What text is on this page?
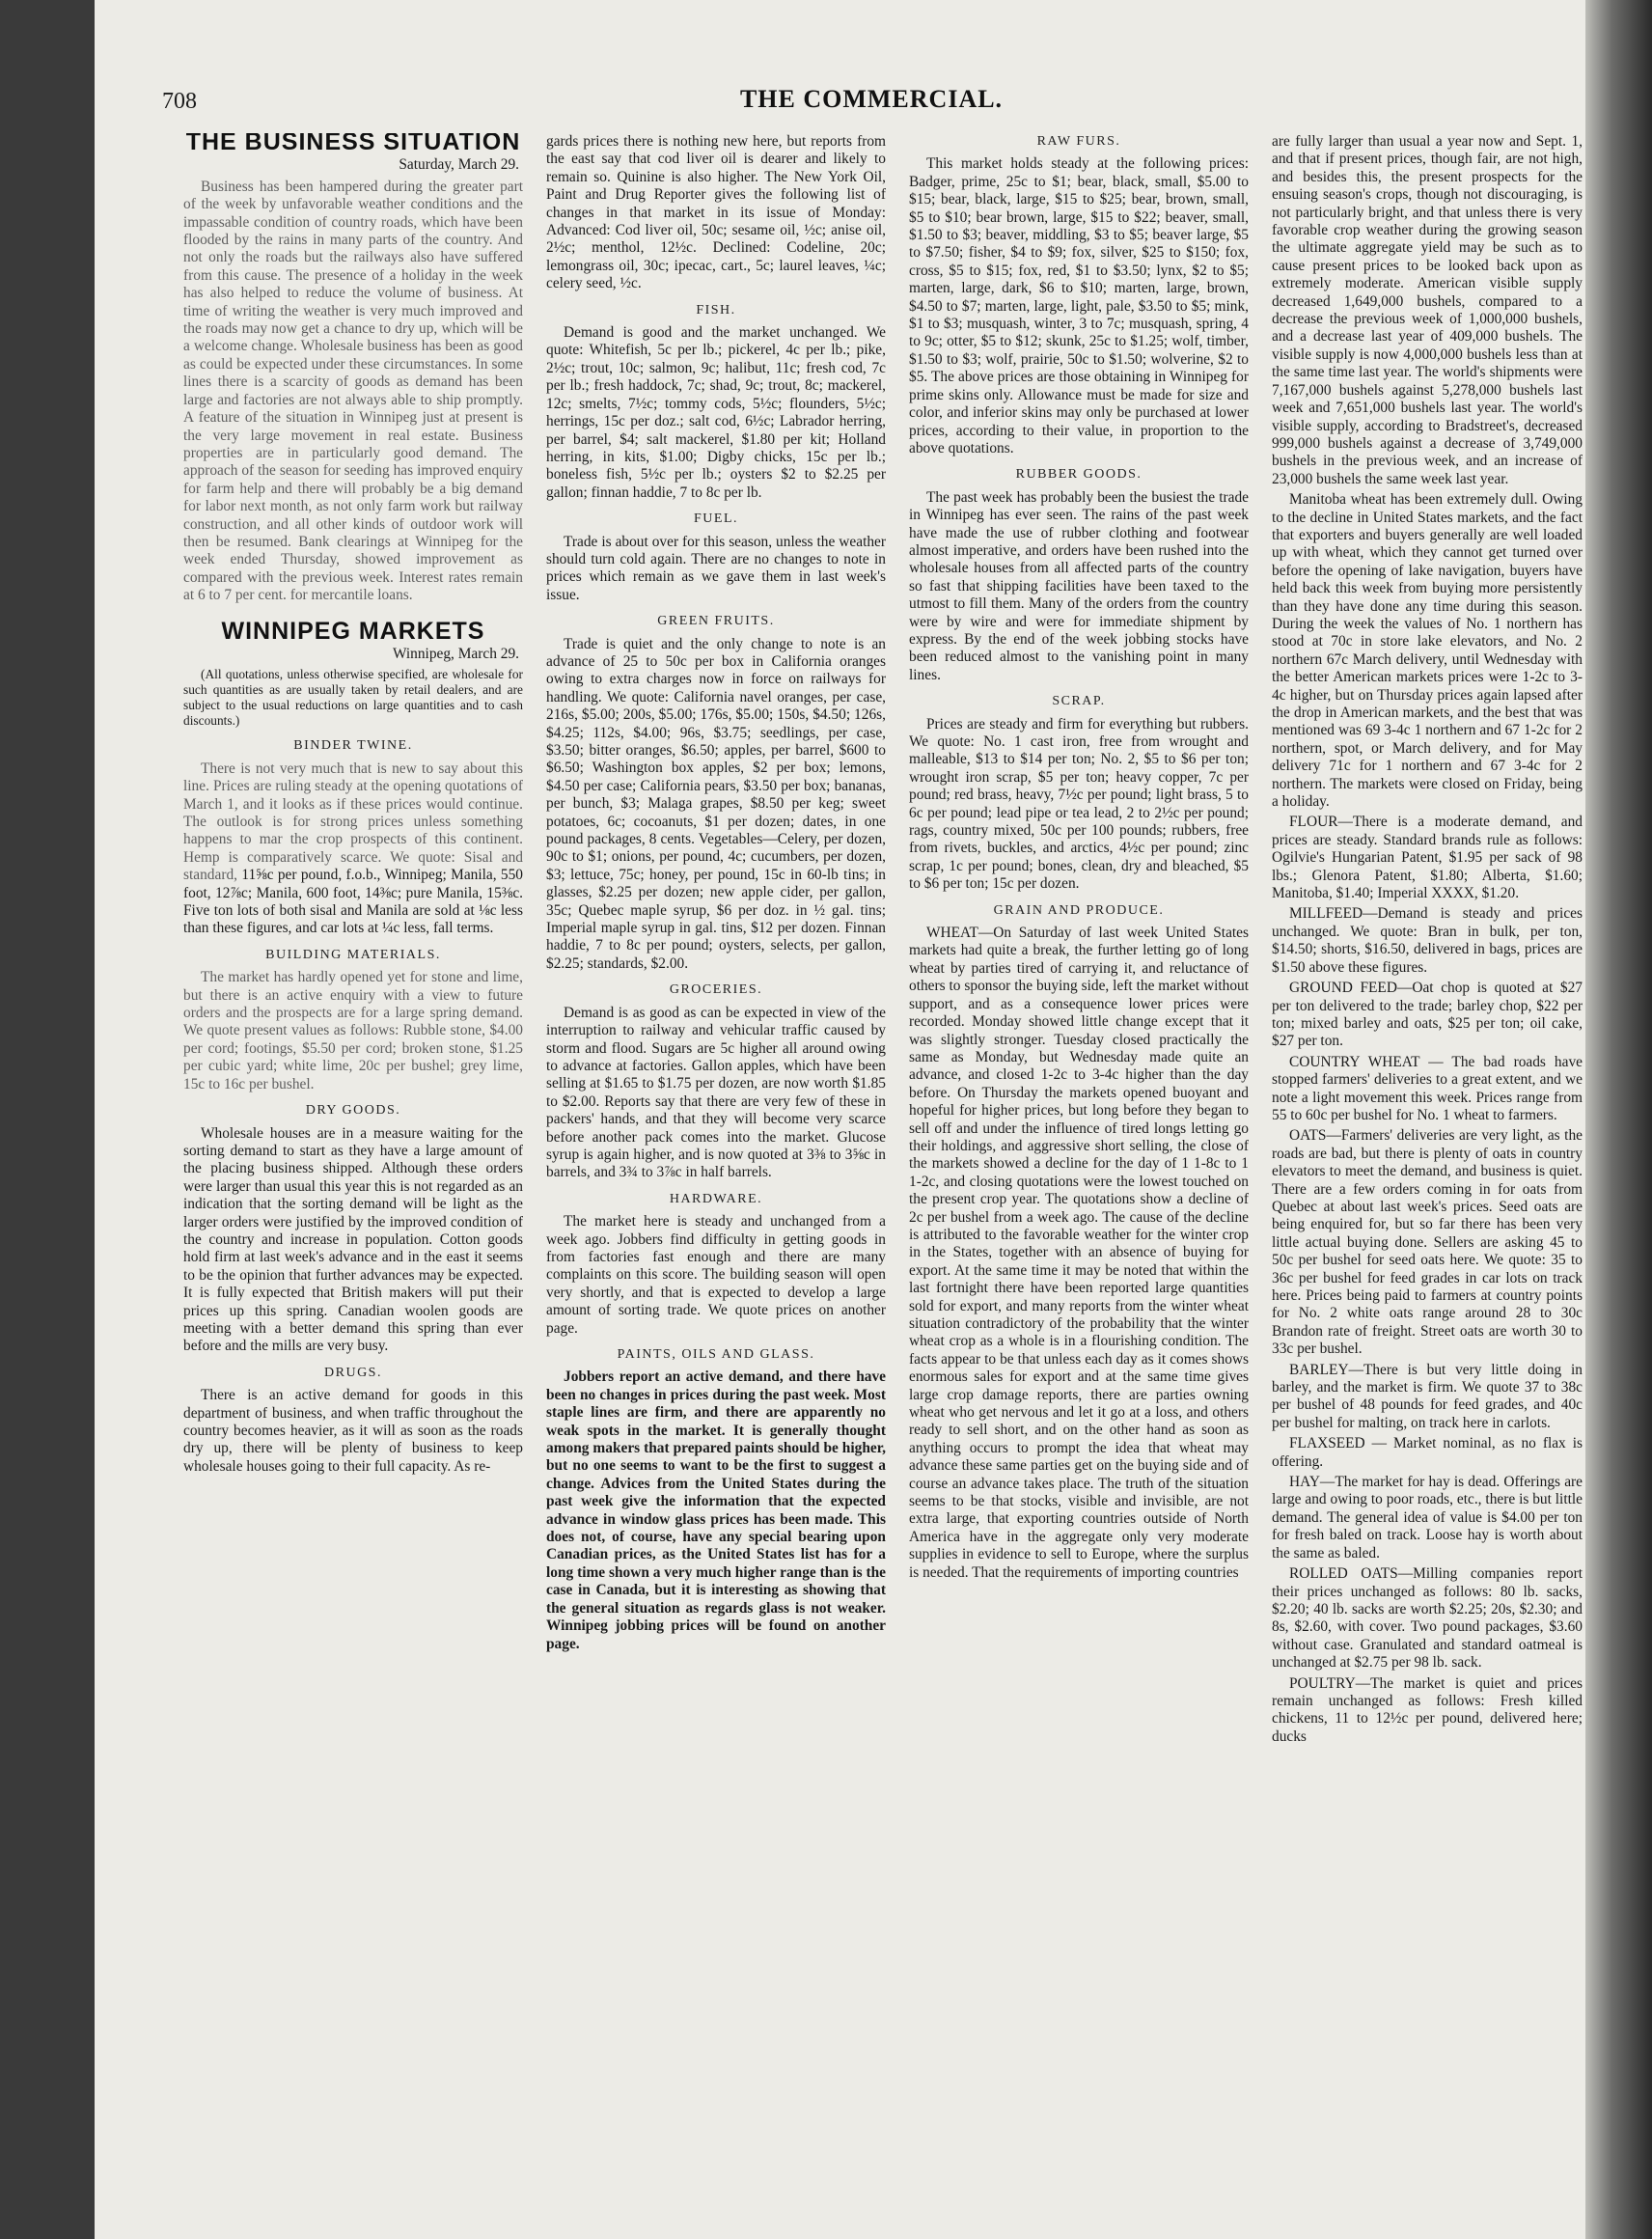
708	THE COMMERCIAL.
THE BUSINESS SITUATION
Saturday, March 29.

Business has been hampered during the greater part of the week by unfavorable weather conditions and the impassable condition of country roads, which have been flooded by the rains in many parts of the country. And not only the roads but the railways also have suffered from this cause. The presence of a holiday in the week has also helped to reduce the volume of business. At time of writing the weather is very much improved and the roads may now get a chance to dry up, which will be a welcome change. Wholesale business has been as good as could be expected under these circumstances. In some lines there is a scarcity of goods as demand has been large and factories are not always able to ship promptly. A feature of the situation in Winnipeg just at present is the very large movement in real estate. Business properties are in particularly good demand. The approach of the season for seeding has improved enquiry for farm help and there will probably be a big demand for labor next month, as not only farm work but railway construction, and all other kinds of outdoor work will then be resumed. Bank clearings at Winnipeg for the week ended Thursday, showed improvement as compared with the previous week. Interest rates remain at 6 to 7 per cent. for mercantile loans.

WINNIPEG MARKETS
Winnipeg, March 29.

(All quotations, unless otherwise specified, are wholesale for such quantities as are usually taken by retail dealers, and are subject to the usual reductions on large quantities and to cash discounts.)

BINDER TWINE.

There is not very much that is new to say about this line. Prices are ruling steady at the opening quotations of March 1, and it looks as if these prices would continue. The outlook is for strong prices unless something happens to mar the crop prospects of this continent. Hemp is comparatively scarce. We quote: Sisal and standard, 11⅝c per pound, f.o.b., Winnipeg; Manila, 550 foot, 12⅞c; Manila, 600 foot, 14⅜c; pure Manila, 15⅜c. Five ton lots of both sisal and Manila are sold at ⅛c less than these figures, and car lots at ¼c less, fall terms.

BUILDING MATERIALS.

The market has hardly opened yet for stone and lime, but there is an active enquiry with a view to future orders and the prospects are for a large spring demand. We quote present values as follows: Rubble stone, $4.00 per cord; footings, $5.50 per cord; broken stone, $1.25 per cubic yard; white lime, 20c per bushel; grey lime, 15c to 16c per bushel.

DRY GOODS.

Wholesale houses are in a measure waiting for the sorting demand to start as they have a large amount of the placing business shipped. Although these orders were larger than usual this year this is not regarded as an indication that the sorting demand will be light as the larger orders were justified by the improved condition of the country and increase in population. Cotton goods hold firm at last week's advance and in the east it seems to be the opinion that further advances may be expected. It is fully expected that British makers will put their prices up this spring. Canadian woolen goods are meeting with a better demand this spring than ever before and the mills are very busy.

DRUGS.

There is an active demand for goods in this department of business, and when traffic throughout the country becomes heavier, as it will as soon as the roads dry up, there will be plenty of business to keep wholesale houses going to their full capacity. As re-

gards prices there is nothing new here, but reports from the east say that cod liver oil is dearer and likely to remain so. Quinine is also higher. The New York Oil, Paint and Drug Reporter gives the following list of changes in that market in its issue of Monday: Advanced: Cod liver oil, 50c; sesame oil, ½c; anise oil, 2½c; menthol, 12½c. Declined: Codeline, 20c; lemongrass oil, 30c; ipecac, cart., 5c; laurel leaves, ¼c; celery seed, ½c.

FISH.

Demand is good and the market unchanged. We quote: Whitefish, 5c per lb.; pickerel, 4c per lb.; pike, 2½c; trout, 10c; salmon, 9c; halibut, 11c; fresh cod, 7c per lb.; fresh haddock, 7c; shad, 9c; trout, 8c; mackerel, 12c; smelts, 7½c; tommy cods, 5½c; flounders, 5½c; herrings, 15c per doz.; salt cod, 6½c; Labrador herring, per barrel, $4; salt mackerel, $1.80 per kit; Holland herring, in kits, $1.00; Digby chicks, 15c per lb.; boneless fish, 5½c per lb.; oysters $2 to $2.25 per gallon; finnan haddie, 7 to 8c per lb.

FUEL.

Trade is about over for this season, unless the weather should turn cold again. There are no changes to note in prices which remain as we gave them in last week's issue.

GREEN FRUITS.

Trade is quiet and the only change to note is an advance of 25 to 50c per box in California oranges owing to extra charges now in force on railways for handling. We quote: California navel oranges, per case, 216s, $5.00; 200s, $5.00; 176s, $5.00; 150s, $4.50; 126s, $4.25; 112s, $4.00; 96s, $3.75; seedlings, per case, $3.50; bitter oranges, $6.50; apples, per barrel, $600 to $6.50; Washington box apples, $2 per box; lemons, $4.50 per case; California pears, $3.50 per box; bananas, per bunch, $3; Malaga grapes, $8.50 per keg; sweet potatoes, 6c; cocoanuts, $1 per dozen; dates, in one pound packages, 8 cents. Vegetables—Celery, per dozen, 90c to $1; onions, per pound, 4c; cucumbers, per dozen, $3; lettuce, 75c; honey, per pound, 15c in 60-lb tins; in glasses, $2.25 per dozen; new apple cider, per gallon, 35c; Quebec maple syrup, $6 per doz. in ½ gal. tins; Imperial maple syrup in gal. tins, $12 per dozen. Finnan haddie, 7 to 8c per pound; oysters, selects, per gallon, $2.25; standards, $2.00.

GROCERIES.

Demand is as good as can be expected in view of the interruption to railway and vehicular traffic caused by storm and flood. Sugars are 5c higher all around owing to advance at factories. Gallon apples, which have been selling at $1.65 to $1.75 per dozen, are now worth $1.85 to $2.00. Reports say that there are very few of these in packers' hands, and that they will become very scarce before another pack comes into the market. Glucose syrup is again higher, and is now quoted at 3⅜ to 3⅝c in barrels, and 3¾ to 3⅞c in half barrels.

HARDWARE.

The market here is steady and unchanged from a week ago. Jobbers find difficulty in getting goods in from factories fast enough and there are many complaints on this score. The building season will open very shortly, and that is expected to develop a large amount of sorting trade. We quote prices on another page.

PAINTS, OILS AND GLASS.

Jobbers report an active demand, and there have been no changes in prices during the past week. Most staple lines are firm, and there are apparently no weak spots in the market. It is generally thought among makers that prepared paints should be higher, but no one seems to want to be the first to suggest a change. Advices from the United States during the past week give the information that the expected advance in window glass prices has been made. This does not, of course, have any special bearing upon Canadian prices, as the United States list has for a long time shown a very much higher range than is the case in Canada, but it is interesting as showing that the general situation as regards glass is not weaker. Winnipeg jobbing prices will be found on another page.

RAW FURS.

This market holds steady at the following prices: Badger, prime, 25c to $1; bear, black, small, $5.00 to $15; bear, black, large, $15 to $25; bear, brown, small, $5 to $10; bear brown, large, $15 to $22; beaver, small, $1.50 to $3; beaver, middling, $3 to $5; beaver large, $5 to $7.50; fisher, $4 to $9; fox, silver, $25 to $150; fox, cross, $5 to $15; fox, red, $1 to $3.50; lynx, $2 to $5; marten, large, dark, $6 to $10; marten, large, brown, $4.50 to $7; marten, large, light, pale, $3.50 to $5; mink, $1 to $3; musquash, winter, 3 to 7c; musquash, spring, 4 to 9c; otter, $5 to $12; skunk, 25c to $1.25; wolf, timber, $1.50 to $3; wolf, prairie, 50c to $1.50; wolverine, $2 to $5. The above prices are those obtaining in Winnipeg for prime skins only. Allowance must be made for size and color, and inferior skins may only be purchased at lower prices, according to their value, in proportion to the above quotations.

RUBBER GOODS.

The past week has probably been the busiest the trade in Winnipeg has ever seen. The rains of the past week have made the use of rubber clothing and footwear almost imperative, and orders have been rushed into the wholesale houses from all affected parts of the country so fast that shipping facilities have been taxed to the utmost to fill them. Many of the orders from the country were by wire and were for immediate shipment by express. By the end of the week jobbing stocks have been reduced almost to the vanishing point in many lines.

SCRAP.

Prices are steady and firm for everything but rubbers. We quote: No. 1 cast iron, free from wrought and malleable, $13 to $14 per ton; No. 2, $5 to $6 per ton; wrought iron scrap, $5 per ton; heavy copper, 7c per pound; red brass, heavy, 7½c per pound; light brass, 5 to 6c per pound; lead pipe or tea lead, 2 to 2½c per pound; rags, country mixed, 50c per 100 pounds; rubbers, free from rivets, buckles, and arctics, 4½c per pound; zinc scrap, 1c per pound; bones, clean, dry and bleached, $5 to $6 per ton; 15c per dozen.

GRAIN AND PRODUCE.

WHEAT—On Saturday of last week United States markets had quite a break, the further letting go of long wheat by parties tired of carrying it, and reluctance of others to sponsor the buying side, left the market without support, and as a consequence lower prices were recorded. Monday showed little change except that it was slightly stronger. Tuesday closed practically the same as Monday, but Wednesday made quite an advance, and closed 1-2c to 3-4c higher than the day before. On Thursday the markets opened buoyant and hopeful for higher prices, but long before they began to sell off and under the influence of tired longs letting go their holdings, and aggressive short selling, the close of the markets showed a decline for the day of 1 1-8c to 1 1-2c, and closing quotations were the lowest touched on the present crop year. The quotations show a decline of 2c per bushel from a week ago. The cause of the decline is attributed to the favorable weather for the winter crop in the States, together with an absence of buying for export. At the same time it may be noted that within the last fortnight there have been reported large quantities sold for export, and many reports from the winter wheat situation contradictory of the probability that the winter wheat crop as a whole is in a flourishing condition. The facts appear to be that unless each day as it comes shows enormous sales for export and at the same time gives large crop damage reports, there are parties owning wheat who get nervous and let it go at a loss, and others ready to sell short, and on the other hand as soon as anything occurs to prompt the idea that wheat may advance these same parties get on the buying side and of course an advance takes place. The truth of the situation seems to be that stocks, visible and invisible, are not extra large, that exporting countries outside of North America have in the aggregate only very moderate supplies in evidence to sell to Europe, where the surplus is needed. That the requirements of importing countries

are fully larger than usual a year now and Sept. 1, and that if present prices, though fair, are not high, and besides this, the present prospects for the ensuing season's crops, though not discouraging, is not particularly bright, and that unless there is very favorable crop weather during the growing season the ultimate aggregate yield may be such as to cause present prices to be looked back upon as extremely moderate. American visible supply decreased 1,649,000 bushels, compared to a decrease the previous week of 1,000,000 bushels, and a decrease last year of 409,000 bushels. The visible supply is now 4,000,000 bushels less than at the same time last year. The world's shipments were 7,167,000 bushels against 5,278,000 bushels last week and 7,651,000 bushels last year. The world's visible supply, according to Bradstreet's, decreased 999,000 bushels against a decrease of 3,749,000 bushels in the previous week, and an increase of 23,000 bushels the same week last year.

Manitoba wheat has been extremely dull. Owing to the decline in United States markets, and the fact that exporters and buyers generally are well loaded up with wheat, which they cannot get turned over before the opening of lake navigation, buyers have held back this week from buying more persistently than they have done any time during this season. During the week the values of No. 1 northern has stood at 70c in store lake elevators, and No. 2 northern 67c March delivery, until Wednesday with the better American markets prices were 1-2c to 3-4c higher, but on Thursday prices again lapsed after the drop in American markets, and the best that was mentioned was 69 3-4c 1 northern and 67 1-2c for 2 northern, spot, or March delivery, and for May delivery 71c for 1 northern and 67 3-4c for 2 northern. The markets were closed on Friday, being a holiday.

FLOUR—There is a moderate demand, and prices are steady. Standard brands rule as follows: Ogilvie's Hungarian Patent, $1.95 per sack of 98 lbs.; Glenora Patent, $1.80; Alberta, $1.60; Manitoba, $1.40; Imperial XXXX, $1.20.

MILLFEED—Demand is steady and prices unchanged. We quote: Bran in bulk, per ton, $14.50; shorts, $16.50, delivered in bags, prices are $1.50 above these figures.

GROUND FEED—Oat chop is quoted at $27 per ton delivered to the trade; barley chop, $22 per ton; mixed barley and oats, $25 per ton; oil cake, $27 per ton.

COUNTRY WHEAT — The bad roads have stopped farmers' deliveries to a great extent, and we note a light movement this week. Prices range from 55 to 60c per bushel for No. 1 wheat to farmers.

OATS—Farmers' deliveries are very light, as the roads are bad, but there is plenty of oats in country elevators to meet the demand, and business is quiet. There are a few orders coming in for oats from Quebec at about last week's prices. Seed oats are being enquired for, but so far there has been very little actual buying done. Sellers are asking 45 to 50c per bushel for seed oats here. We quote: 35 to 36c per bushel for feed grades in car lots on track here. Prices being paid to farmers at country points for No. 2 white oats range around 28 to 30c Brandon rate of freight. Street oats are worth 30 to 33c per bushel.

BARLEY—There is but very little doing in barley, and the market is firm. We quote 37 to 38c per bushel of 48 pounds for feed grades, and 40c per bushel for malting, on track here in carlots.

FLAXSEED — Market nominal, as no flax is offering.

HAY—The market for hay is dead. Offerings are large and owing to poor roads, etc., there is but little demand. The general idea of value is $4.00 per ton for fresh baled on track. Loose hay is worth about the same as baled.

ROLLED OATS—Milling companies report their prices unchanged as follows: 80 lb. sacks, $2.20; 40 lb. sacks are worth $2.25; 20s, $2.30; and 8s, $2.60, with cover. Two pound packages, $3.60 without case. Granulated and standard oatmeal is unchanged at $2.75 per 98 lb. sack.

POULTRY—The market is quiet and prices remain unchanged as follows: Fresh killed chickens, 11 to 12½c per pound, delivered here; ducks
